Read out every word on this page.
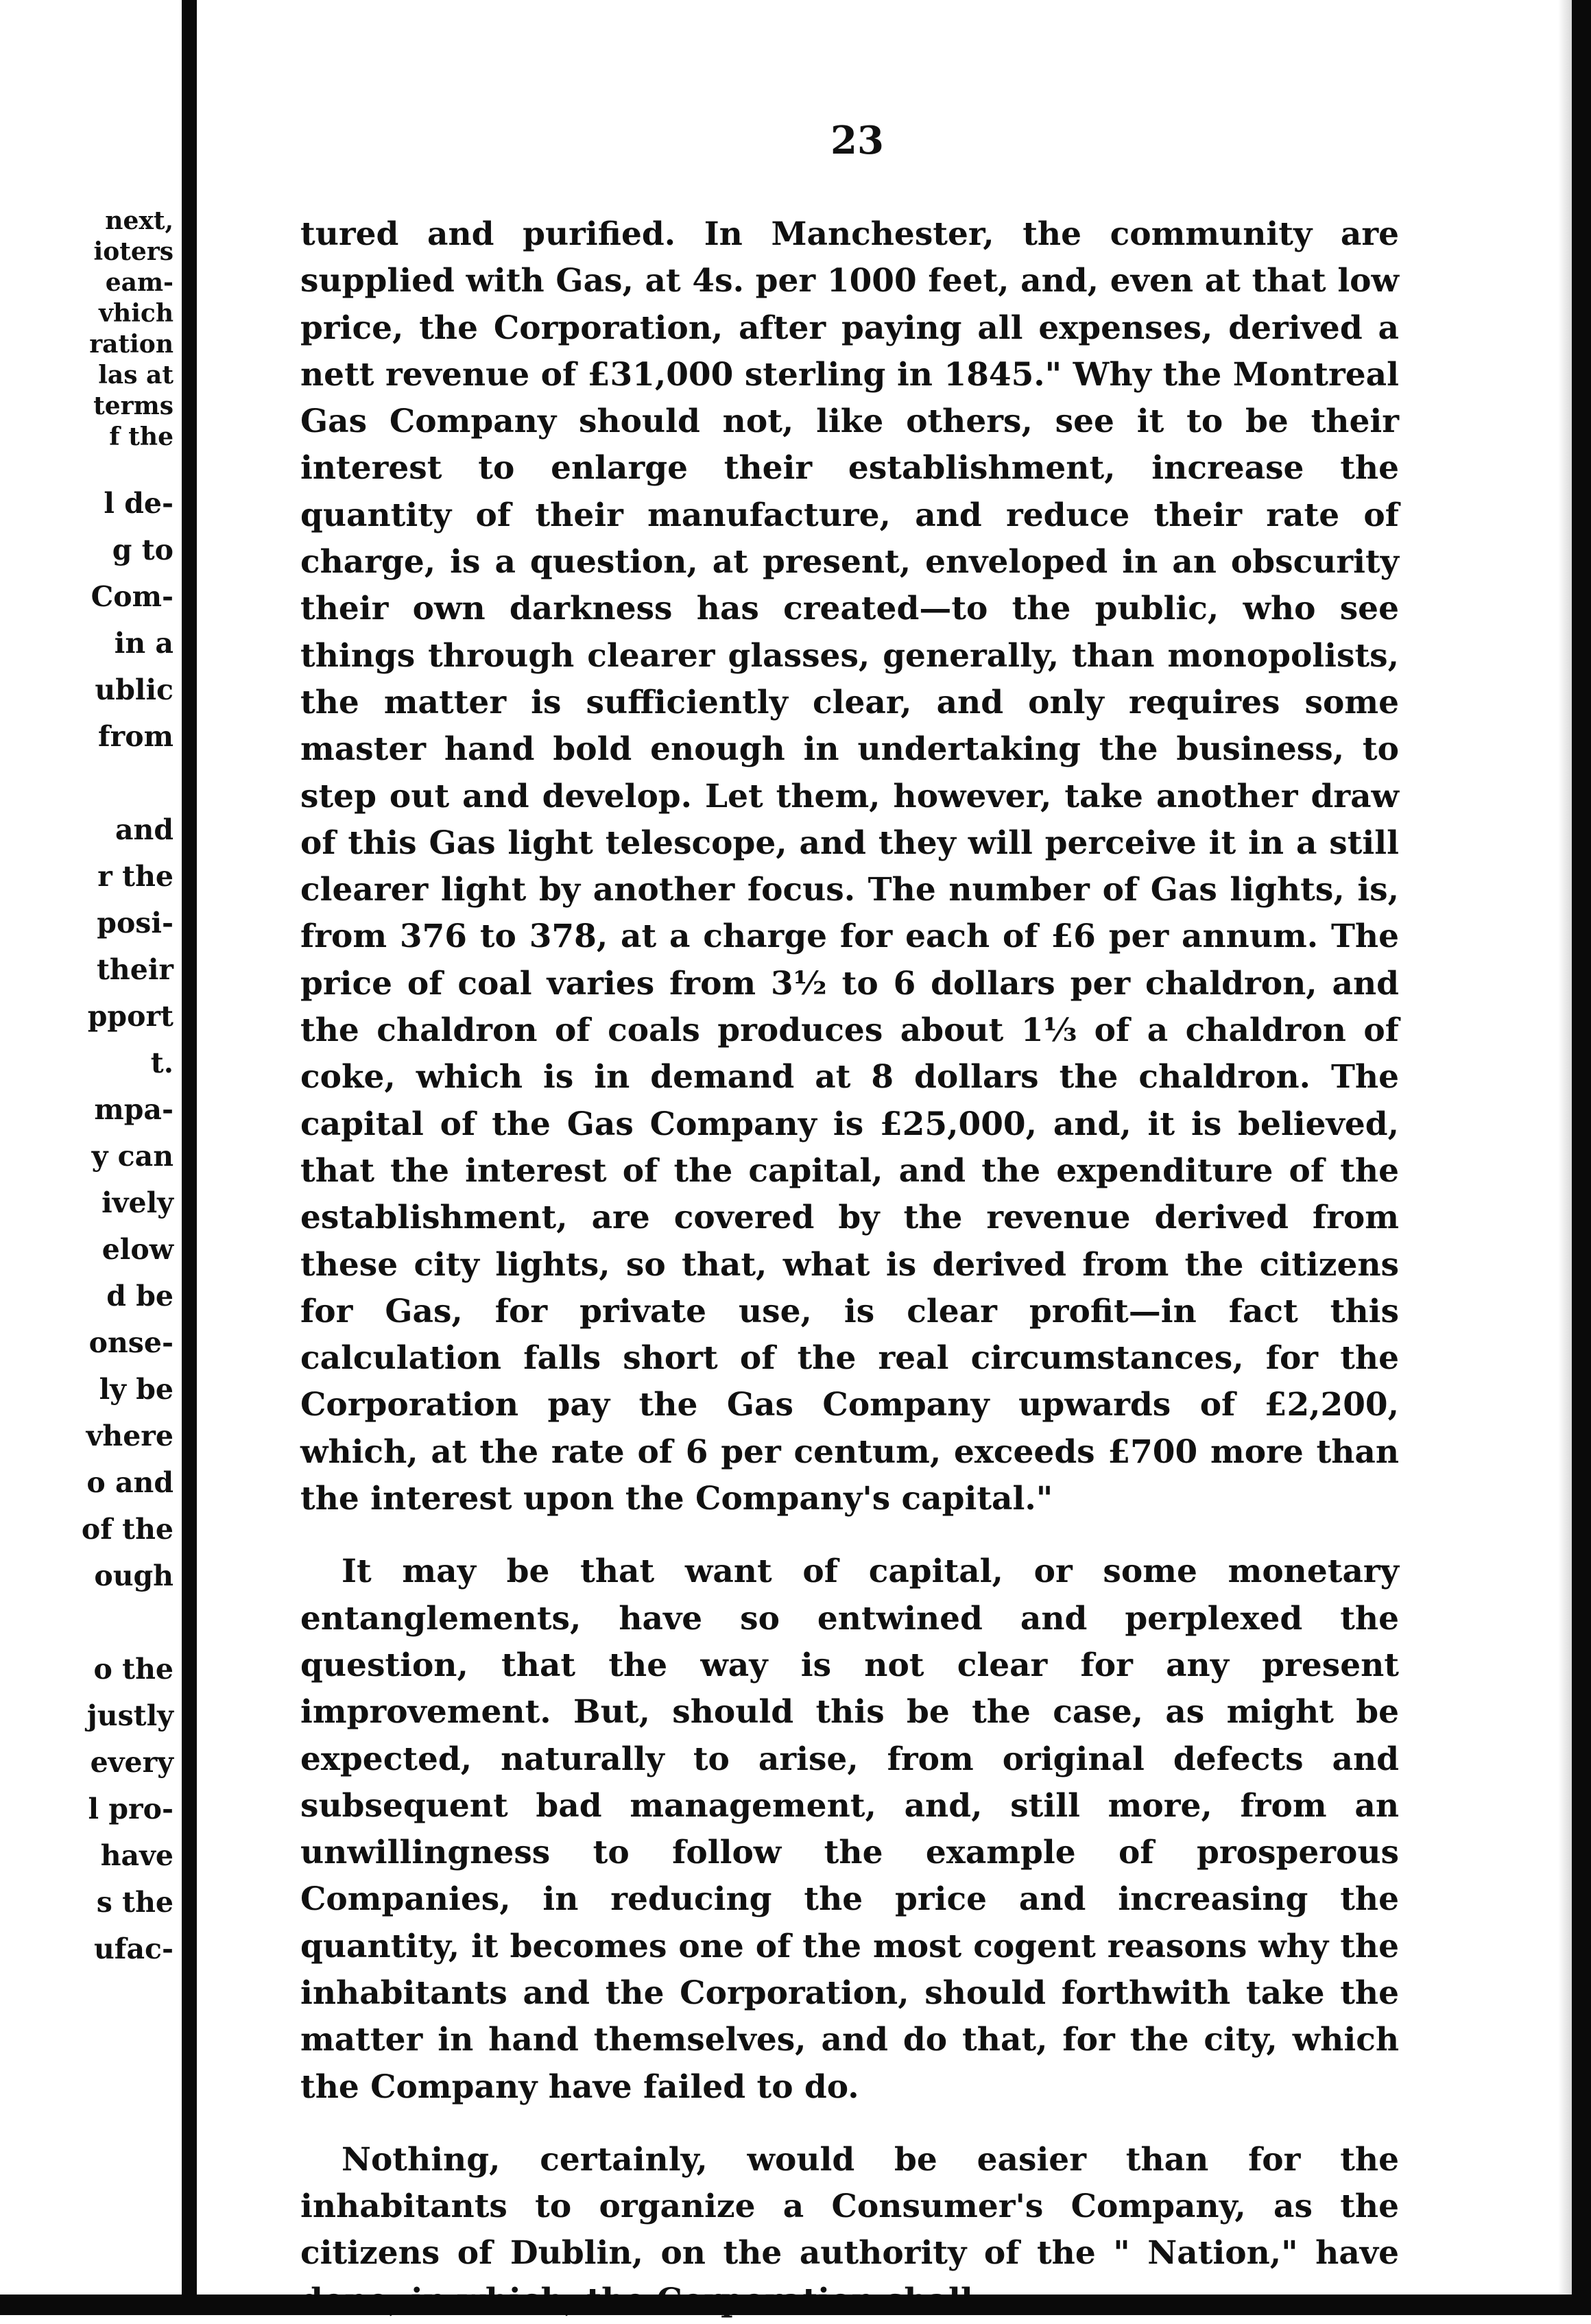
next,
ioters
eam-
vhich
ration
las at
terms
f the
l de-
g to
Com-
in a
ublic
from

and
r the
posi-
their
pport
t.
mpa-
y can
ively
elow
d be
onse-
ly be
vhere
o and
of the
ough

o the
justly
every
l pro-
have
s the
ufac-
23

tured and purified. In Manchester, the community are supplied with Gas, at 4s. per 1000 feet, and, even at that low price, the Corporation, after paying all expenses, derived a nett revenue of £31,000 sterling in 1845." Why the Montreal Gas Company should not, like others, see it to be their interest to enlarge their establishment, increase the quantity of their manufacture, and reduce their rate of charge, is a question, at present, enveloped in an obscurity their own darkness has created—to the public, who see things through clearer glasses, generally, than monopolists, the matter is sufficiently clear, and only requires some master hand bold enough in undertaking the business, to step out and develop. Let them, however, take another draw of this Gas light telescope, and they will perceive it in a still clearer light by another focus. The number of Gas lights, is, from 376 to 378, at a charge for each of £6 per annum. The price of coal varies from 3½ to 6 dollars per chaldron, and the chaldron of coals produces about 1⅓ of a chaldron of coke, which is in demand at 8 dollars the chaldron. The capital of the Gas Company is £25,000, and, it is believed, that the interest of the capital, and the expenditure of the establishment, are covered by the revenue derived from these city lights, so that, what is derived from the citizens for Gas, for private use, is clear profit—in fact this calculation falls short of the real circumstances, for the Corporation pay the Gas Company upwards of £2,200, which, at the rate of 6 per centum, exceeds £700 more than the interest upon the Company's capital."

It may be that want of capital, or some monetary entanglements, have so entwined and perplexed the question, that the way is not clear for any present improvement. But, should this be the case, as might be expected, naturally to arise, from original defects and subsequent bad management, and, still more, from an unwillingness to follow the example of prosperous Companies, in reducing the price and increasing the quantity, it becomes one of the most cogent reasons why the inhabitants and the Corporation, should forthwith take the matter in hand themselves, and do that, for the city, which the Company have failed to do.

Nothing, certainly, would be easier than for the inhabitants to organize a Consumer's Company, as the citizens of Dublin, on the authority of the " Nation," have
